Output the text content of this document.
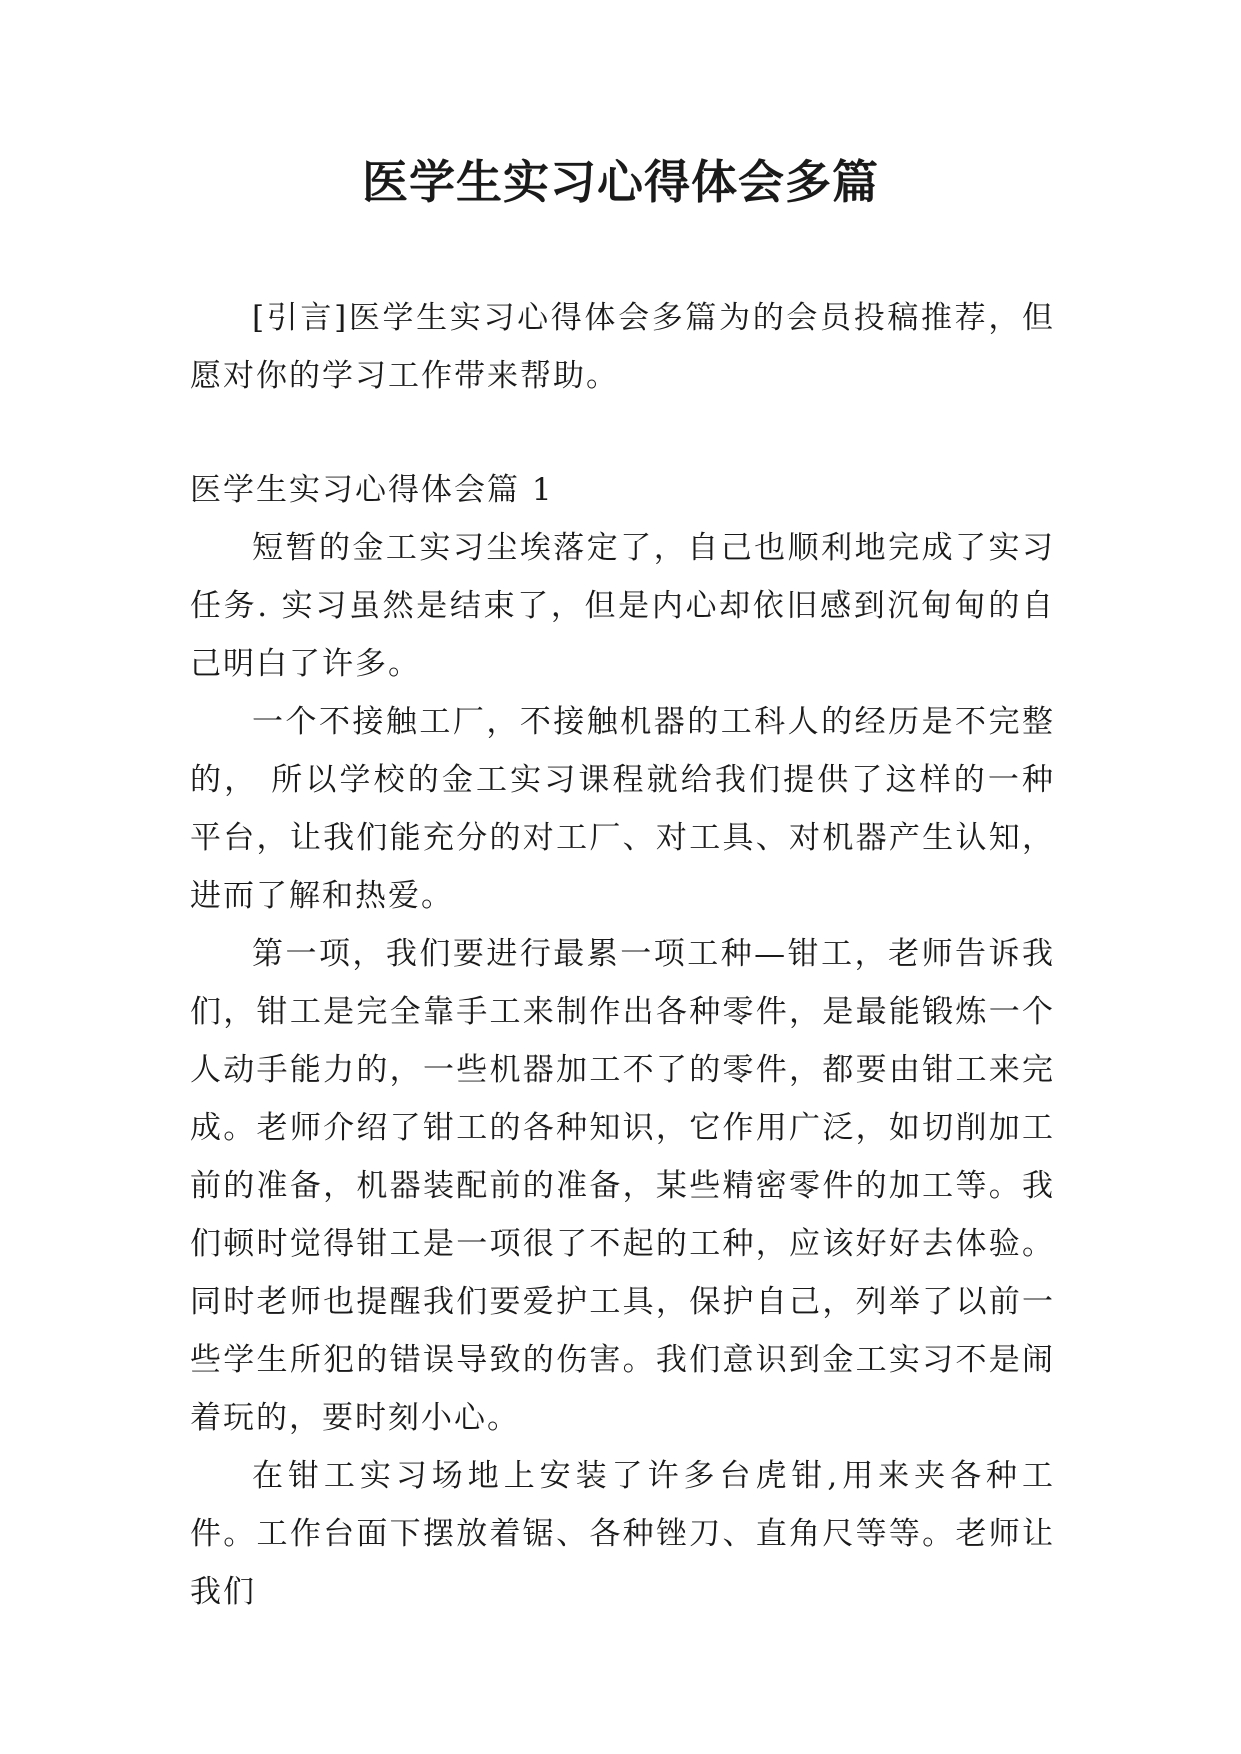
医学生实习心得体会多篇

[引言]医学生实习心得体会多篇为的会员投稿推荐，但愿对你的学习工作带来帮助。

医学生实习心得体会篇 1

短暂的金工实习尘埃落定了，自己也顺利地完成了实习任务. 实习虽然是结束了，但是内心却依旧感到沉甸甸的自己明白了许多。

一个不接触工厂，不接触机器的工科人的经历是不完整的， 所以学校的金工实习课程就给我们提供了这样的一种平台，让我们能充分的对工厂、对工具、对机器产生认知，进而了解和热爱。

第一项，我们要进行最累一项工种—钳工，老师告诉我们，钳工是完全靠手工来制作出各种零件，是最能锻炼一个人动手能力的，一些机器加工不了的零件，都要由钳工来完成。老师介绍了钳工的各种知识，它作用广泛，如切削加工前的准备，机器装配前的准备，某些精密零件的加工等。我们顿时觉得钳工是一项很了不起的工种，应该好好去体验。同时老师也提醒我们要爱护工具，保护自己，列举了以前一些学生所犯的错误导致的伤害。我们意识到金工实习不是闹着玩的，要时刻小心。

在钳工实习场地上安装了许多台虎钳,用来夹各种工件。工作台面下摆放着锯、各种锉刀、直角尺等等。老师让我们
